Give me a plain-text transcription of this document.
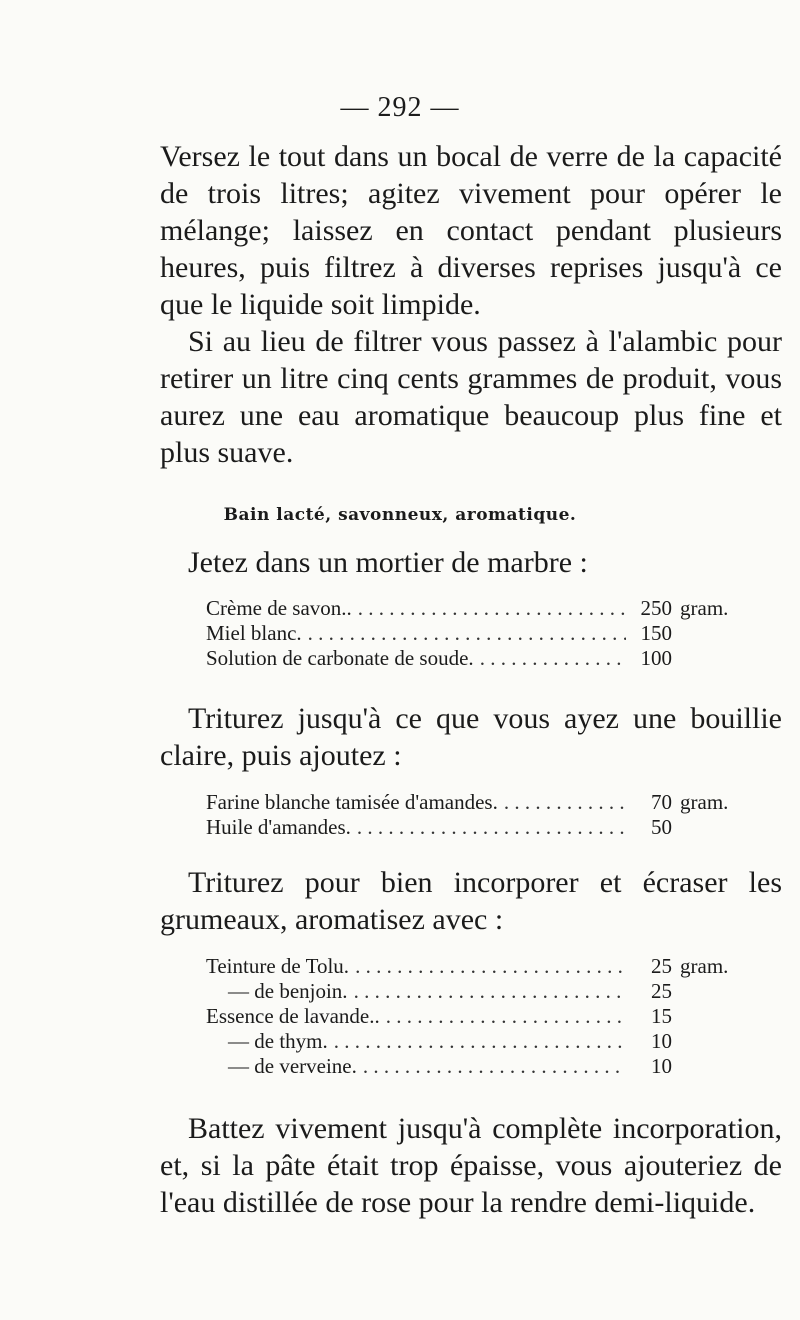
— 292 —

Versez le tout dans un bocal de verre de la capacité de trois litres; agitez vivement pour opérer le mélange; laissez en contact pendant plusieurs heures, puis filtrez à diverses reprises jusqu'à ce que le liquide soit limpide.

Si au lieu de filtrer vous passez à l'alambic pour retirer un litre cinq cents grammes de produit, vous aurez une eau aromatique beaucoup plus fine et plus suave.

Bain lacté, savonneux, aromatique.

Jetez dans un mortier de marbre :

Crème de savon.. . . .	250 gram.
Miel blanc. . . .	150
Solution de carbonate de soude. . . .	100

Triturez jusqu'à ce que vous ayez une bouillie claire, puis ajoutez :

Farine blanche tamisée d'amandes. . . .	70 gram.
Huile d'amandes. . . .	50

Triturez pour bien incorporer et écraser les grumeaux, aromatisez avec :

Teinture de Tolu. . . .	25 gram.
— de benjoin. . . .	25
Essence de lavande.. . . .	15
— de thym. . . .	10
— de verveine. . . .	10

Battez vivement jusqu'à complète incorporation, et, si la pâte était trop épaisse, vous ajouteriez de l'eau distillée de rose pour la rendre demi-liquide.
